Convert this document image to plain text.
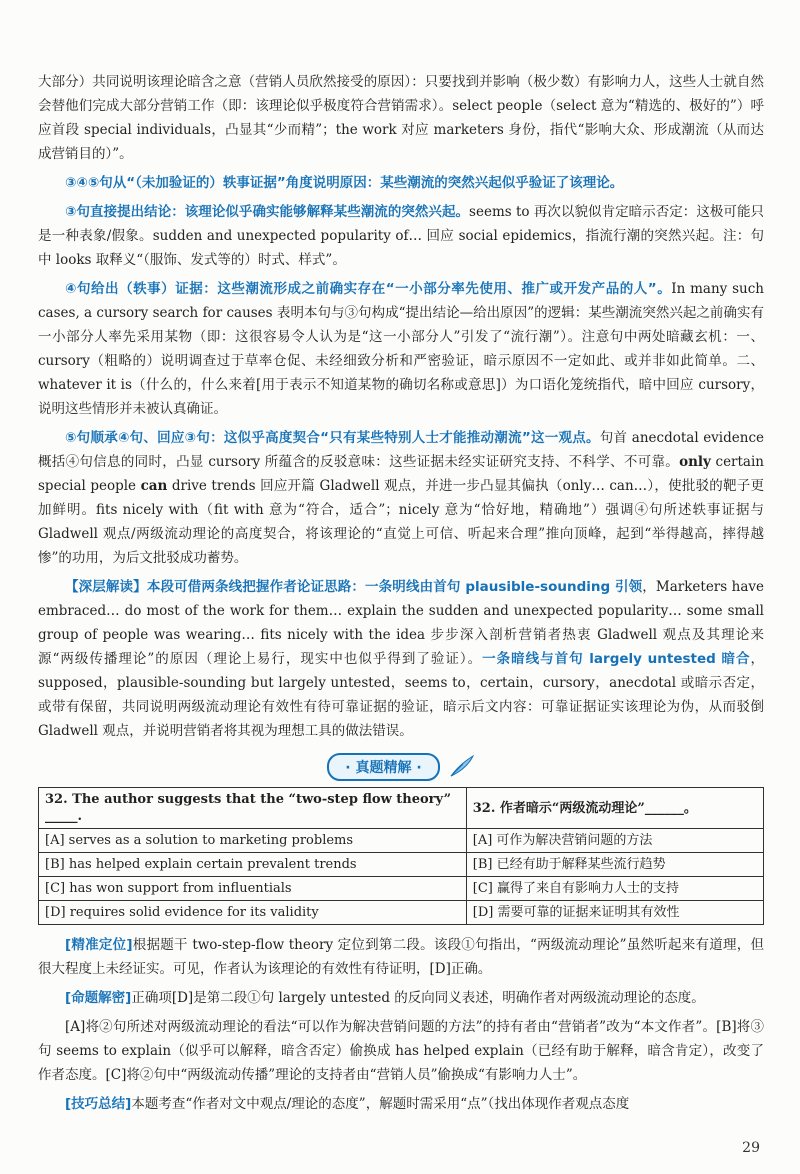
大部分）共同说明该理论暗含之意（营销人员欣然接受的原因）：只要找到并影响（极少数）有影响力人，这些人士就自然会替他们完成大部分营销工作（即：该理论似乎极度符合营销需求）。select people（select 意为“精选的、极好的”）呼应首段 special individuals，凸显其“少而精”；the work 对应 marketers 身份，指代“影响大众、形成潮流（从而达成营销目的）”。

③④⑤句从“（未加验证的）轶事证据”角度说明原因：某些潮流的突然兴起似乎验证了该理论。

③句直接提出结论：该理论似乎确实能够解释某些潮流的突然兴起。seems to 再次以貌似肯定暗示否定：这极可能只是一种表象/假象。sudden and unexpected popularity of… 回应 social epidemics，指流行潮的突然兴起。注：句中 looks 取释义“（服饰、发式等的）时式、样式”。

④句给出（轶事）证据：这些潮流形成之前确实存在“一小部分率先使用、推广或开发产品的人”。In many such cases, a cursory search for causes 表明本句与③句构成“提出结论—给出原因”的逻辑：某些潮流突然兴起之前确实有一小部分人率先采用某物（即：这很容易令人认为是“这一小部分人”引发了“流行潮”）。注意句中两处暗藏玄机：一、cursory（粗略的）说明调查过于草率仓促、未经细致分析和严密验证，暗示原因不一定如此、或并非如此简单。二、whatever it is（什么的，什么来着[用于表示不知道某物的确切名称或意思]）为口语化笼统指代，暗中回应 cursory，说明这些情形并未被认真确证。

⑤句顺承④句、回应③句：这似乎高度契合“只有某些特别人士才能推动潮流”这一观点。句首 anecdotal evidence 概括④句信息的同时，凸显 cursory 所蕴含的反驳意味：这些证据未经实证研究支持、不科学、不可靠。only certain special people can drive trends 回应开篇 Gladwell 观点，并进一步凸显其偏执（only… can…），使批驳的靶子更加鲜明。fits nicely with（fit with 意为“符合，适合”；nicely 意为“恰好地，精确地”）强调④句所述轶事证据与 Gladwell 观点/两级流动理论的高度契合，将该理论的“直觉上可信、听起来合理”推向顶峰，起到“举得越高，摔得越惨”的功用，为后文批驳成功蓄势。

【深层解读】本段可借两条线把握作者论证思路：一条明线由首句 plausible-sounding 引领，Marketers have embraced… do most of the work for them… explain the sudden and unexpected popularity… some small group of people was wearing… fits nicely with the idea 步步深入剖析营销者热衷 Gladwell 观点及其理论来源“两级传播理论”的原因（理论上易行，现实中也似乎得到了验证）。一条暗线与首句 largely untested 暗合，supposed，plausible-sounding but largely untested，seems to，certain，cursory，anecdotal 或暗示否定，或带有保留，共同说明两级流动理论有效性有待可靠证据的验证，暗示后文内容：可靠证据证实该理论为伪，从而驳倒 Gladwell 观点，并说明营销者将其视为理想工具的做法错误。

· 真题精解 ·
32. The author suggests that the “two-step flow theory” _____.	32. 作者暗示“两级流动理论”______。
[A] serves as a solution to marketing problems	[A] 可作为解决营销问题的方法
[B] has helped explain certain prevalent trends	[B] 已经有助于解释某些流行趋势
[C] has won support from influentials	[C] 赢得了来自有影响力人士的支持
[D] requires solid evidence for its validity	[D] 需要可靠的证据来证明其有效性

[精准定位]根据题干 two-step-flow theory 定位到第二段。该段①句指出，“两级流动理论”虽然听起来有道理，但很大程度上未经证实。可见，作者认为该理论的有效性有待证明，[D]正确。

[命题解密]正确项[D]是第二段①句 largely untested 的反向同义表述，明确作者对两级流动理论的态度。

[A]将②句所述对两级流动理论的看法“可以作为解决营销问题的方法”的持有者由“营销者”改为“本文作者”。[B]将③句 seems to explain（似乎可以解释，暗含否定）偷换成 has helped explain（已经有助于解释，暗含肯定），改变了作者态度。[C]将②句中“两级流动传播”理论的支持者由“营销人员”偷换成“有影响力人士”。

[技巧总结]本题考查“作者对文中观点/理论的态度”，解题时需采用“点”（找出体现作者观点态度

29
